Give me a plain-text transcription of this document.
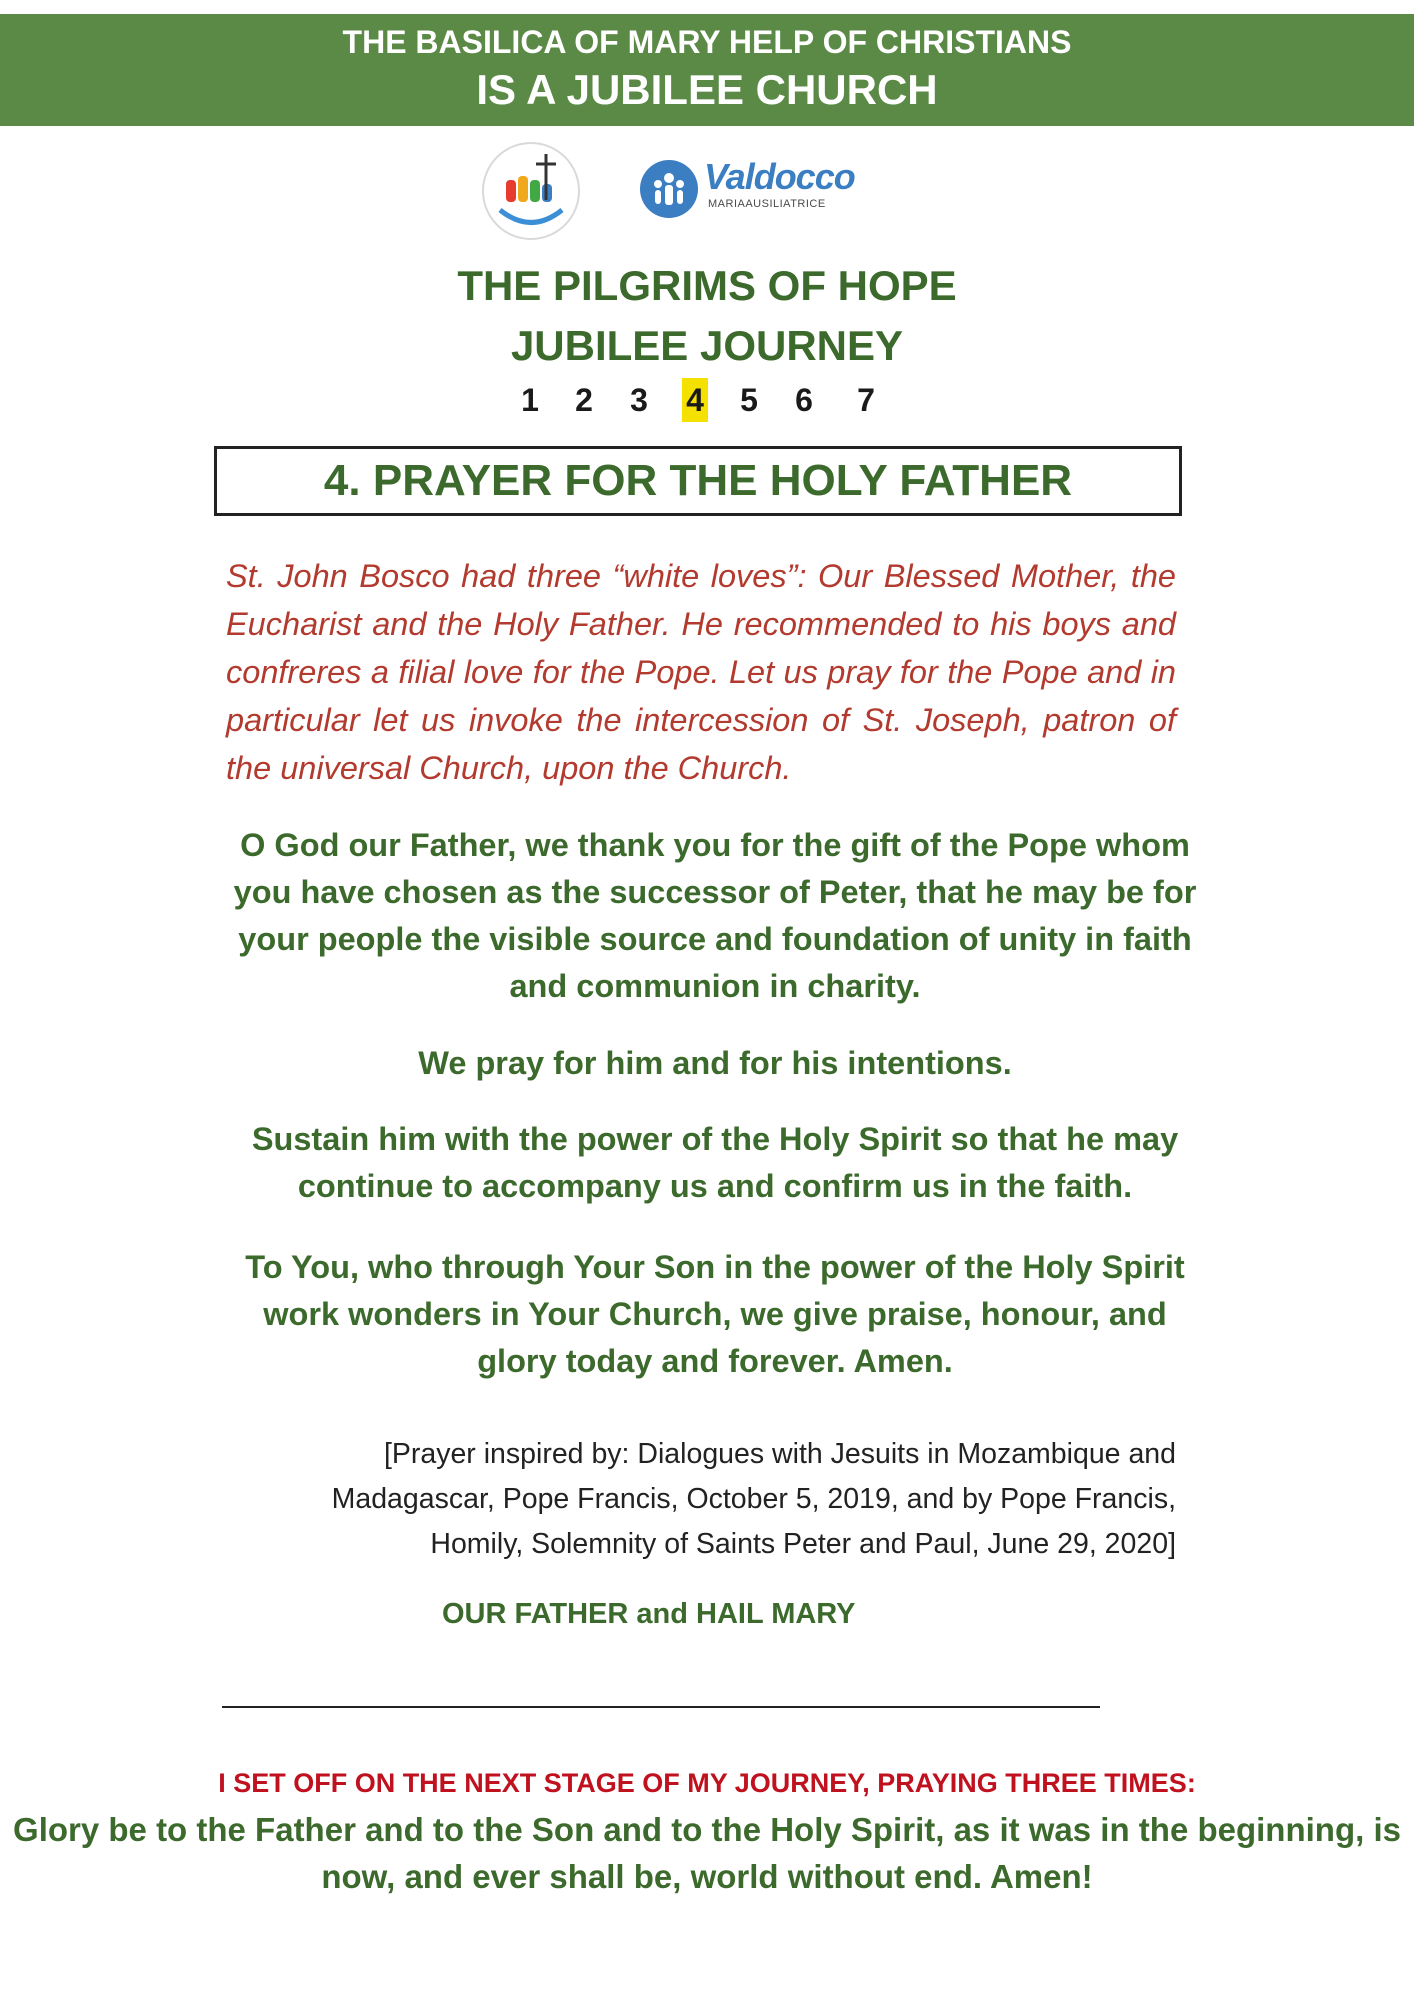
THE BASILICA OF MARY HELP OF CHRISTIANS
IS A JUBILEE CHURCH
Valdocco
MARIAAUSILIATRICE
THE PILGRIMS OF HOPE
JUBILEE JOURNEY
1 2 3 4 5 6 7
4. PRAYER FOR THE HOLY FATHER
St. John Bosco had three “white loves”: Our Blessed Mother, the Eucharist and the Holy Father. He recommended to his boys and confreres a filial love for the Pope. Let us pray for the Pope and in particular let us invoke the intercession of St. Joseph, patron of the universal Church, upon the Church.
O God our Father, we thank you for the gift of the Pope whom you have chosen as the successor of Peter, that he may be for your people the visible source and foundation of unity in faith and communion in charity.
We pray for him and for his intentions.
Sustain him with the power of the Holy Spirit so that he may continue to accompany us and confirm us in the faith.
To You, who through Your Son in the power of the Holy Spirit work wonders in Your Church, we give praise, honour, and glory today and forever. Amen.
[Prayer inspired by: Dialogues with Jesuits in Mozambique and Madagascar, Pope Francis, October 5, 2019, and by Pope Francis, Homily, Solemnity of Saints Peter and Paul, June 29, 2020]
OUR FATHER and HAIL MARY
I SET OFF ON THE NEXT STAGE OF MY JOURNEY, PRAYING THREE TIMES:
Glory be to the Father and to the Son and to the Holy Spirit, as it was in the beginning, is now, and ever shall be, world without end. Amen!
